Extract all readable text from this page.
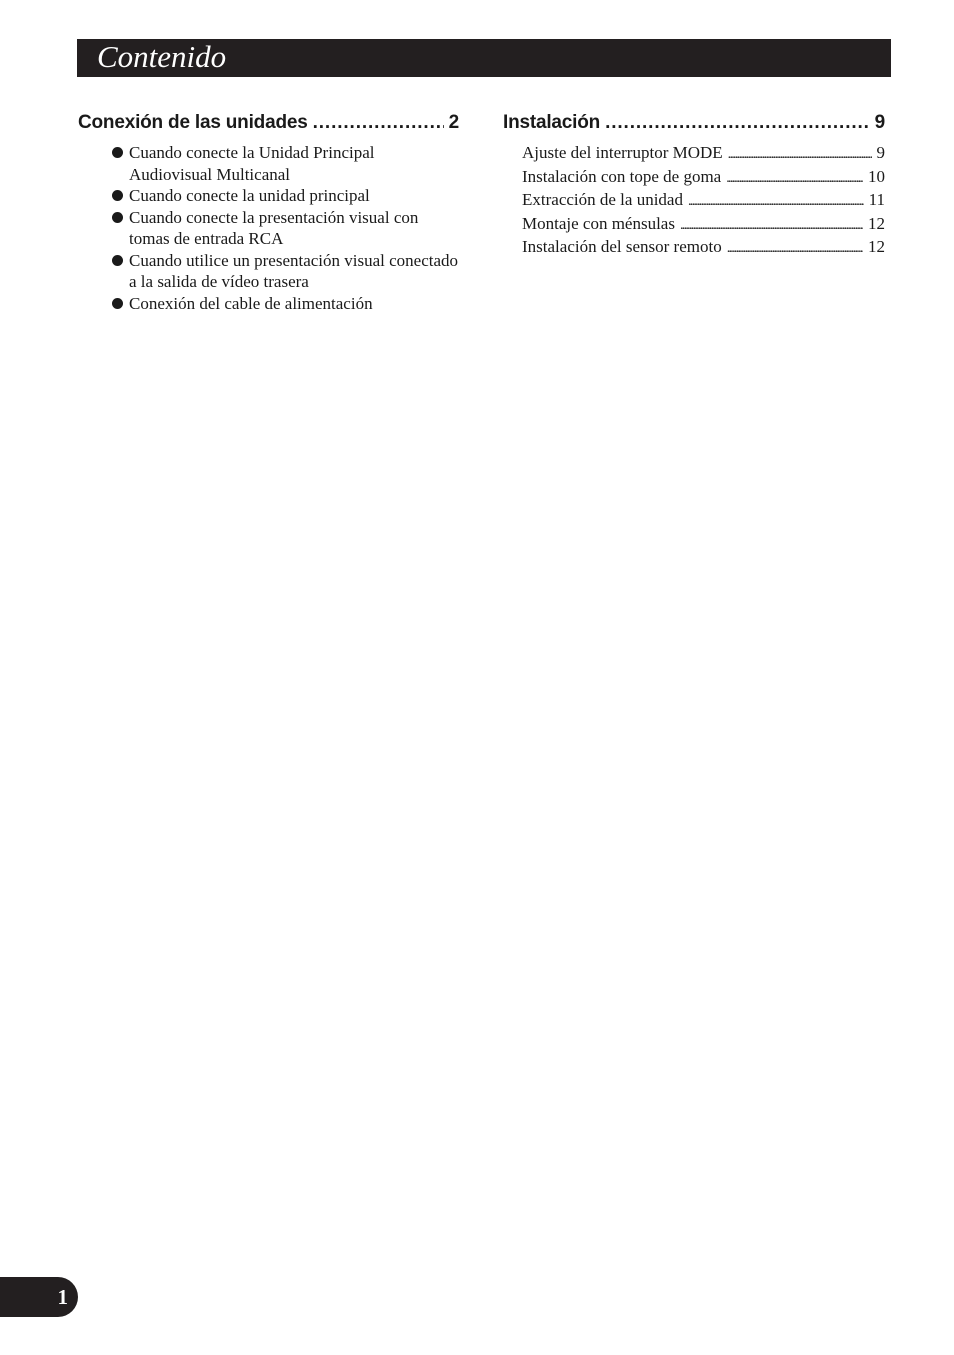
Contenido
Conexión de las unidades . . .	2
Cuando conecte la Unidad Principal Audiovisual Multicanal
Cuando conecte la unidad principal
Cuando conecte la presentación visual con tomas de entrada RCA
Cuando utilice un presentación visual conectado a la salida de vídeo trasera
Conexión del cable de alimentación
Instalación . . .	9
Ajuste del interruptor MODE . . .	9
Instalación con tope de goma . . .	10
Extracción de la unidad . . .	11
Montaje con ménsulas . . .	12
Instalación del sensor remoto . . .	12
1
